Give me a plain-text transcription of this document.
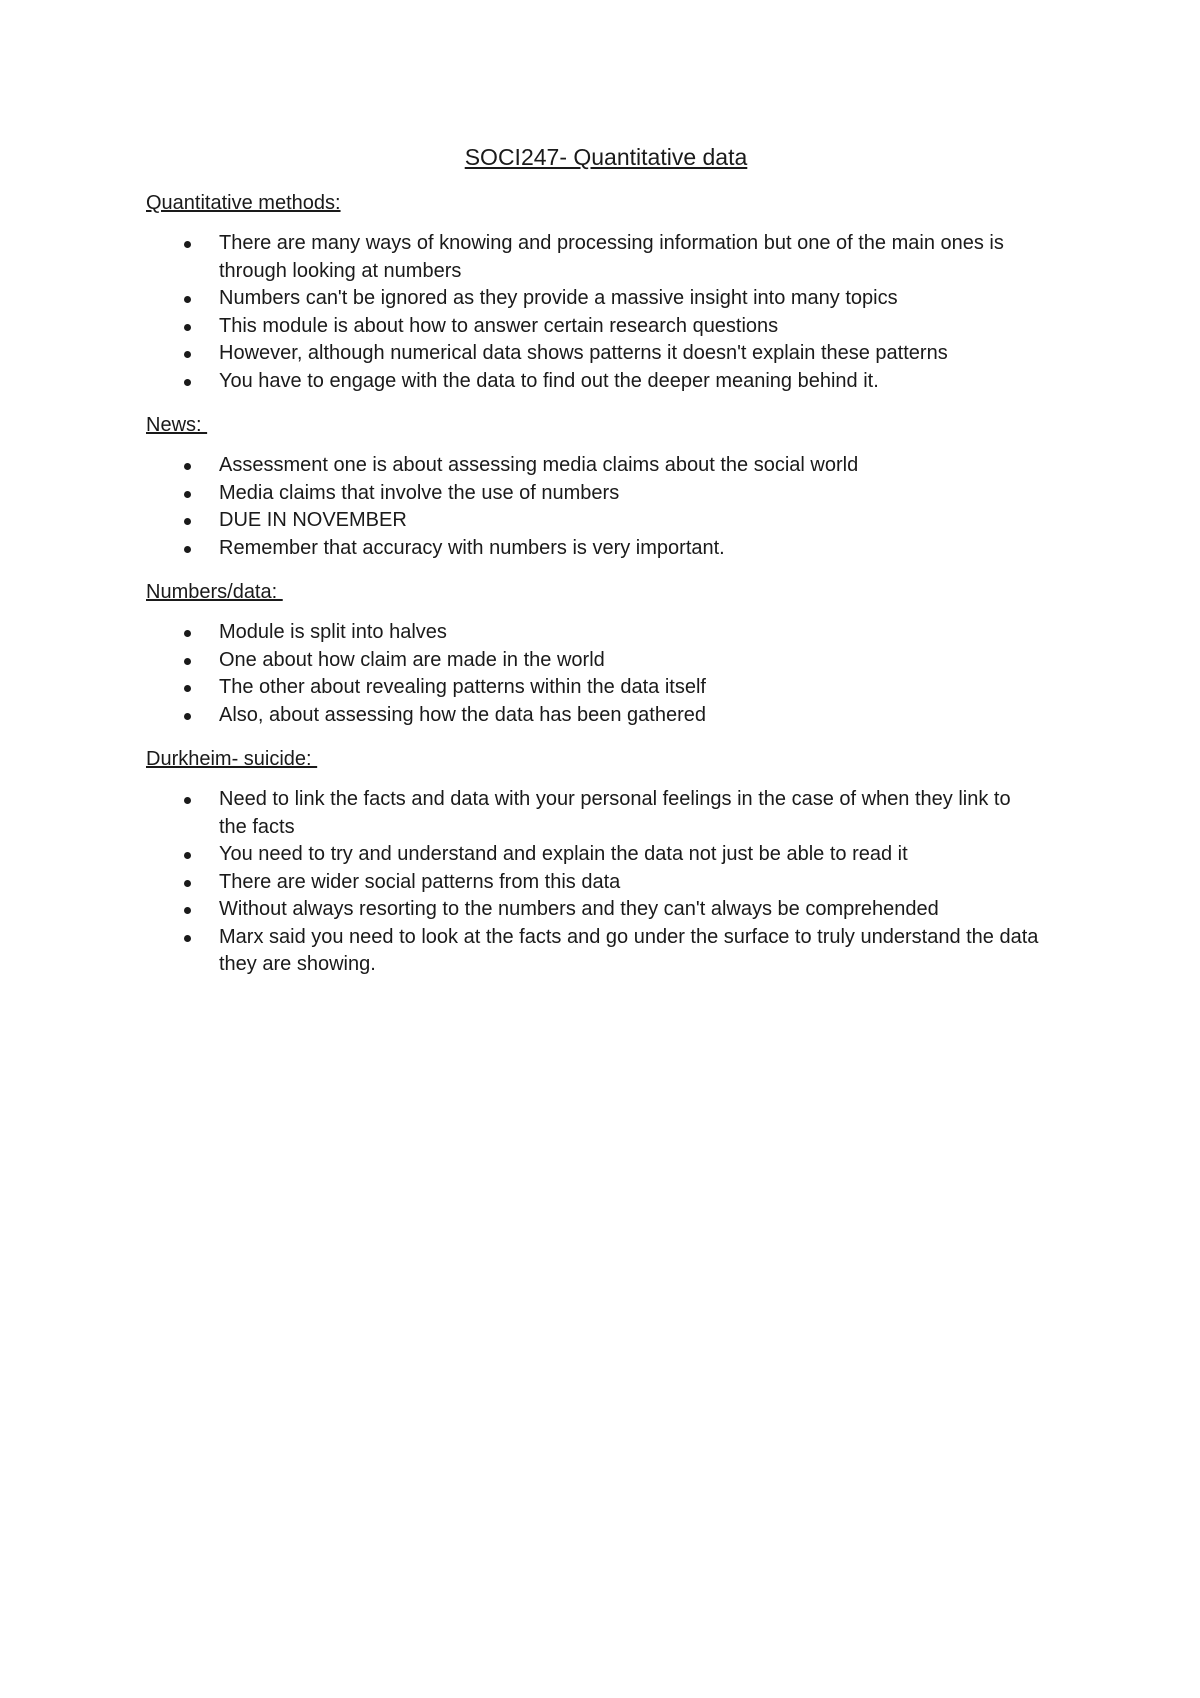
SOCI247- Quantitative data
Quantitative methods:
There are many ways of knowing and processing information but one of the main ones is through looking at numbers
Numbers can't be ignored as they provide a massive insight into many topics
This module is about how to answer certain research questions
However, although numerical data shows patterns it doesn't explain these patterns
You have to engage with the data to find out the deeper meaning behind it.
News:
Assessment one is about assessing media claims about the social world
Media claims that involve the use of numbers
DUE IN NOVEMBER
Remember that accuracy with numbers is very important.
Numbers/data:
Module is split into halves
One about how claim are made in the world
The other about revealing patterns within the data itself
Also, about assessing how the data has been gathered
Durkheim- suicide:
Need to link the facts and data with your personal feelings in the case of when they link to the facts
You need to try and understand and explain the data not just be able to read it
There are wider social patterns from this data
Without always resorting to the numbers and they can't always be comprehended
Marx said you need to look at the facts and go under the surface to truly understand the data they are showing.
